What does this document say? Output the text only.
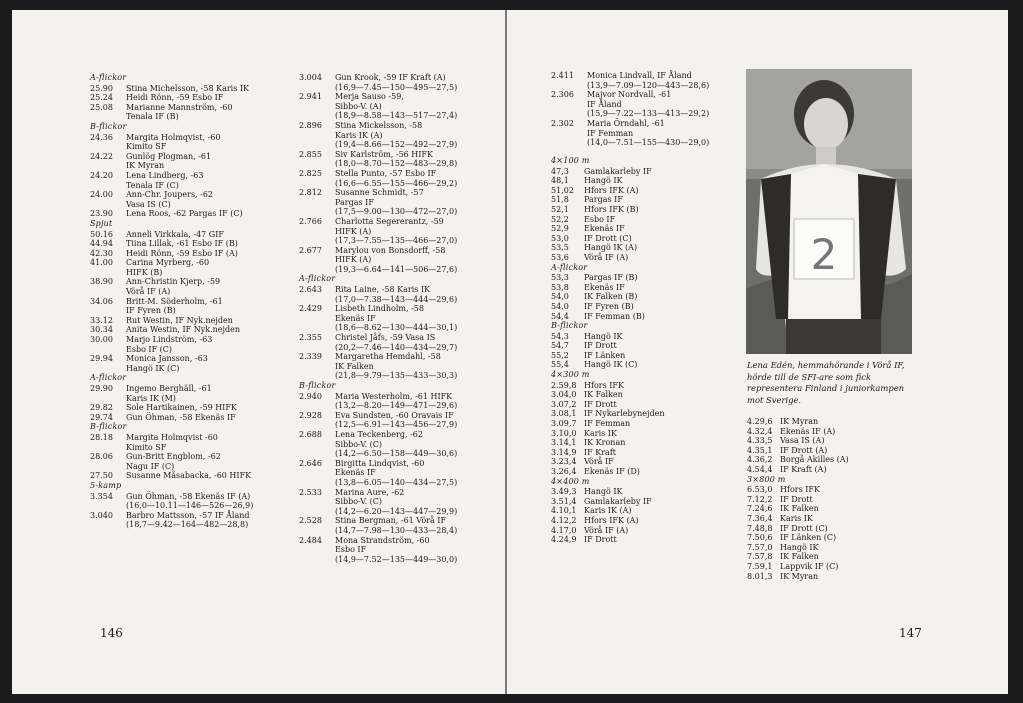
A-flickor
25.90	Stina Michelsson, -58 Karis IK
25.24	Heidi Rönn, -59 Esbo IF
25.08	Marianne Mannström, -60
Tenala IF (B)
B-flickor
24.36	Margita Holmqvist, -60
Kimito SF
24.22	Gunlög Plogman, -61
IK Myran
24.20	Lena Lindberg, -63
Tenala IF (C)
24.00	Ann-Chr. Joupers, -62
Vasa IS (C)
23.90	Lena Roos, -62 Pargas IF (C)
Spjut
50.16	Anneli Virkkala, -47 GIF
44.94	Tiina Lillak, -61 Esbo IF (B)
42.30	Heidi Rönn, -59 Esbo IF (A)
41.00	Carina Myrberg, -60
HIFK (B)
38.90	Ann-Christin Kjerp, -59
Vörå IF (A)
34.06	Britt-M. Söderholm, -61
IF Fyren (B)
33.12	Rut Westin, IF Nyk.nejden
30.34	Anita Westin, IF Nyk.nejden
30.00	Marjo Lindström, -63
Esbo IF (C)
29.94	Monica Jansson, -63
Hangö IK (C)
A-flickor
29.90	Ingemo Berghäll, -61
Karis IK (M)
29.82	Sole Hartikainen, -59 HIFK
29.74	Gun Öhman, -58 Ekenäs IF
B-flickor
28.18	Margita Holmqvist -60
Kimito SF
28.06	Gun-Britt Engblom, -62
Nagu IF (C)
27.50	Susanne Måsabacka, -60 HIFK
5-kamp
3.354	Gun Öhman, -58 Ekenäs IF (A)
(16,0—10.11—146—526—26,9)
3.040	Barbro Mattsson, -57 IF Åland
(18,7—9.42—164—482—28,8)
3.004	Gun Krook, -59 IF Kraft (A)
(16,9—7.45—150—495—27,5)
2.941	Merja Sauso -59,
Sibbo-V. (A)
(18,9—8.58—143—517—27,4)
2.896	Stina Mickelsson, -58
Karis IK (A)
(19,4—8.66—152—492—27,9)
2.855	Siv Karlström, -56 HIFK
(18,0—8.70—152—483—29,8)
2.825	Stella Punto, -57 Esbo IF
(16,6—6.55—155—466—29,2)
2.812	Susanne Schmidt, -57
Pargas IF
(17,5—9.00—130—472—27,0)
2.766	Charlotta Segererantz, -59
HIFK (A)
(17,3—7.55—135—466—27,0)
2.677	Marylou von Bonsdorff, -58
HIFK (A)
(19,3—6.64—141—506—27,6)
A-flickor
2.643	Rita Laine, -58 Karis IK
(17,0—7.38—143—444—29,6)
2.429	Lisbeth Lindholm, -58
Ekenäs IF
(18,6—8.62—130—444—30,1)
2.355	Christel Jåfs, -59 Vasa IS
(20,2—7.46—140—434—29,7)
2.339	Margaretha Hemdahl, -58
IK Falken
(21,8—9.79—135—433—30,3)
B-flickor
2.940	Maria Westerholm, -61 HIFK
(13,2—8.20—149—471—29,6)
2.928	Eva Sundsten, -60 Oravais IF
(12,5—6.91—143—456—27,9)
2.688	Lena Teckenberg, -62
Sibbo-V. (C)
(14,2—6.50—158—449—30,6)
2.646	Birgitta Lindqvist, -60
Ekenäs IF
(13,8—6.05—140—434—27,5)
2.533	Marina Aure, -62
Sibbo-V. (C)
(14,2—6.20—143—447—29,9)
2.528	Stina Bergman, -61 Vörå IF
(14,7—7.98—130—433—28,4)
2.484	Mona Strandström, -60
Esbo IF
(14,9—7.52—135—449—30,0)
146
2.411	Monica Lindvall, IF Åland
(13,9—7.09—120—443—28,6)
2.306	Majvor Nordvall, -61
IF Åland
(15,9—7.22—133—413—29,2)
2.302	Maria Örndahl, -61
IF Femman
(14,0—7.51—155—430—29,0)
4×100 m
47,3	Gamlakarleby IF
48,1	Hangö IK
51,02	Hfors IFK (A)
51,8	Pargas IF
52,1	Hfors IFK (B)
52,2	Esbo IF
52,9	Ekenäs IF
53,0	IF Drott (C)
53,5	Hangö IK (A)
53,6	Vörå IF (A)
A-flickor
53,3	Pargas IF (B)
53,8	Ekenäs IF
54,0	IK Falken (B)
54,0	IF Fyren (B)
54,4	IF Femman (B)
B-flickor
54,3	Hangö IK
54,7	IF Drott
55,2	IF Länken
55,4	Hangö IK (C)
4×300 m
2.59,8 Hfors IFK
3.04,0 IK Falken
3.07,2 IF Drott
3.08,1 IF Nykarlebynejden
3.09,7 IF Femman
3.10,0 Karis IK
3.14,1 IK Kronan
3.14,9 IF Kraft
3.23,4 Vörå IF
3.26,4 Ekenäs IF (D)
4×400 m
3.49,3 Hangö IK
3.51,4 Gamlakarleby IF
4.10,1 Karis IK (A)
4.12,2 Hfors IFK (A)
4.17,0 Vörå IF (A)
4.24,9 IF Drott
4.29,6 IK Myran
4.32,4 Ekenäs IF (A)
4.33,5 Vasa IS (A)
4.35,1 IF Drott (A)
4.36,2 Borgå Akilles (A)
4.54,4 IF Kraft (A)
3×800 m
6.53,0 Hfors IFK
7.12,2 IF Drott
7.24,6 IK Falken
7.36,4 Karis IK
7.48,8 IF Drott (C)
7.50,6 IF Länken (C)
7.57,0 Hangö IK
7.57,8 IK Falken
7.59,1 Lappvik IF (C)
8.01,3 IK Myran
2
Lena Edén, hemmahörande i Vörå IF, hörde till de SFI-are som fick representera Finland i juniorkampen mot Sverige.
147
